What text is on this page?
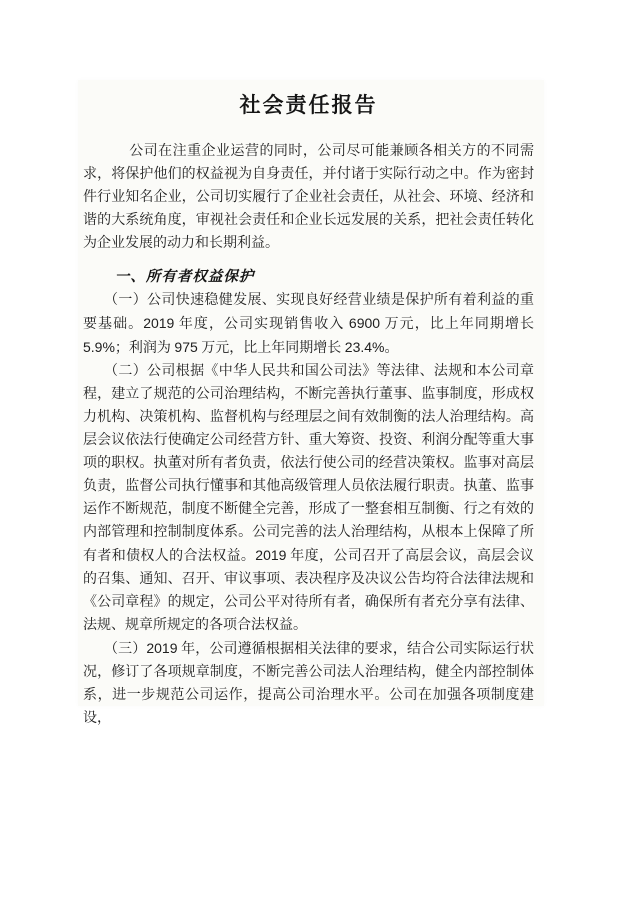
社会责任报告

公司在注重企业运营的同时，公司尽可能兼顾各相关方的不同需求，将保护他们的权益视为自身责任，并付诸于实际行动之中。作为密封件行业知名企业，公司切实履行了企业社会责任，从社会、环境、经济和谐的大系统角度，审视社会责任和企业长远发展的关系，把社会责任转化为企业发展的动力和长期利益。

一、所有者权益保护

（一）公司快速稳健发展、实现良好经营业绩是保护所有着利益的重要基础。2019 年度，公司实现销售收入 6900 万元，比上年同期增长 5.9%；利润为 975 万元，比上年同期增长 23.4%。

（二）公司根据《中华人民共和国公司法》等法律、法规和本公司章程，建立了规范的公司治理结构，不断完善执行董事、监事制度，形成权力机构、决策机构、监督机构与经理层之间有效制衡的法人治理结构。高层会议依法行使确定公司经营方针、重大筹资、投资、利润分配等重大事项的职权。执董对所有者负责，依法行使公司的经营决策权。监事对高层负责，监督公司执行懂事和其他高级管理人员依法履行职责。执董、监事运作不断规范，制度不断健全完善，形成了一整套相互制衡、行之有效的内部管理和控制制度体系。公司完善的法人治理结构，从根本上保障了所有者和债权人的合法权益。2019 年度，公司召开了高层会议，高层会议的召集、通知、召开、审议事项、表决程序及决议公告均符合法律法规和《公司章程》的规定，公司公平对待所有者，确保所有者充分享有法律、法规、规章所规定的各项合法权益。

（三）2019 年，公司遵循根据相关法律的要求，结合公司实际运行状况，修订了各项规章制度，不断完善公司法人治理结构，健全内部控制体系，进一步规范公司运作，提高公司治理水平。公司在加强各项制度建设，
